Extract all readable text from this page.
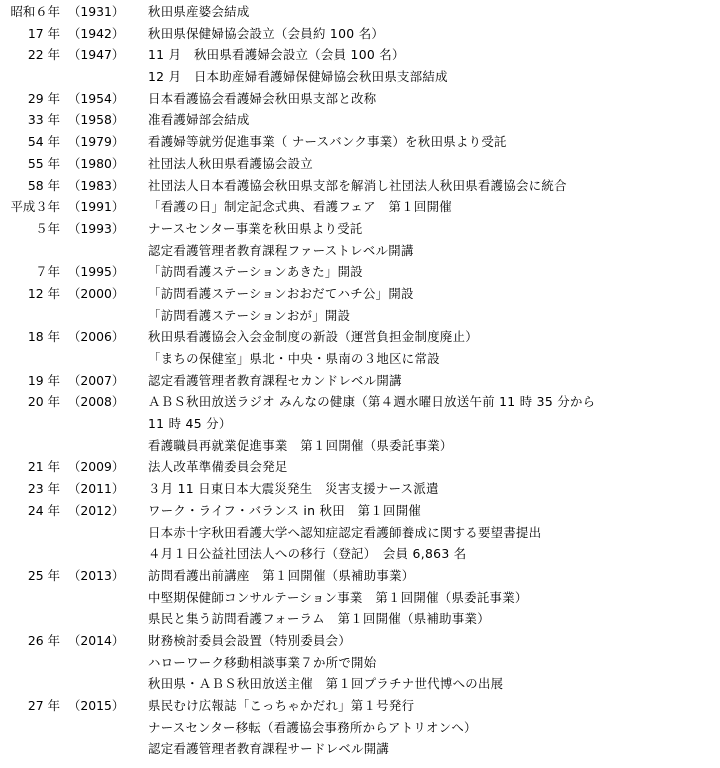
昭和６年 （1931）	秋田県産婆会結成
17 年 （1942）	秋田県保健婦協会設立（会員約 100 名）
22 年 （1947）	11 月　秋田県看護婦会設立（会員 100 名）
12 月　日本助産婦看護婦保健婦協会秋田県支部結成
29 年 （1954）	日本看護協会看護婦会秋田県支部と改称
33 年 （1958）	准看護婦部会結成
54 年 （1979）	看護婦等就労促進事業（ ナースバンク事業）を秋田県より受託
55 年 （1980）	社団法人秋田県看護協会設立
58 年 （1983）	社団法人日本看護協会秋田県支部を解消し社団法人秋田県看護協会に統合
平成３年 （1991）	「看護の日」制定記念式典、看護フェア　第１回開催
５年 （1993）	ナースセンター事業を秋田県より受託
認定看護管理者教育課程ファーストレベル開講
７年 （1995）	「訪問看護ステーションあきた」開設
12 年 （2000）	「訪問看護ステーションおおだてハチ公」開設
「訪問看護ステーションおが」開設
18 年 （2006）	秋田県看護協会入会金制度の新設（運営負担金制度廃止）
「まちの保健室」県北・中央・県南の３地区に常設
19 年 （2007）	認定看護管理者教育課程セカンドレベル開講
20 年 （2008）	ＡＢＳ秋田放送ラジオ みんなの健康（第４週水曜日放送午前 11 時 35 分から
11 時 45 分）
看護職員再就業促進事業　第１回開催（県委託事業）
21 年 （2009）	法人改革準備委員会発足
23 年 （2011）	３月 11 日東日本大震災発生　災害支援ナース派遣
24 年 （2012）	ワーク・ライフ・バランス in 秋田　第１回開催
日本赤十字秋田看護大学へ認知症認定看護師養成に関する要望書提出
４月１日公益社団法人への移行（登記）　会員 6,863 名
25 年 （2013）	訪問看護出前講座　第１回開催（県補助事業）
中堅期保健師コンサルテーション事業　第１回開催（県委託事業）
県民と集う訪問看護フォーラム　第１回開催（県補助事業）
26 年 （2014）	財務検討委員会設置（特別委員会）
ハローワーク移動相談事業７か所で開始
秋田県・ＡＢＳ秋田放送主催　第１回プラチナ世代博への出展
27 年 （2015）	県民むけ広報誌「こっちゃかだれ」第１号発行
ナースセンター移転（看護協会事務所からアトリオンへ）
認定看護管理者教育課程サードレベル開講
